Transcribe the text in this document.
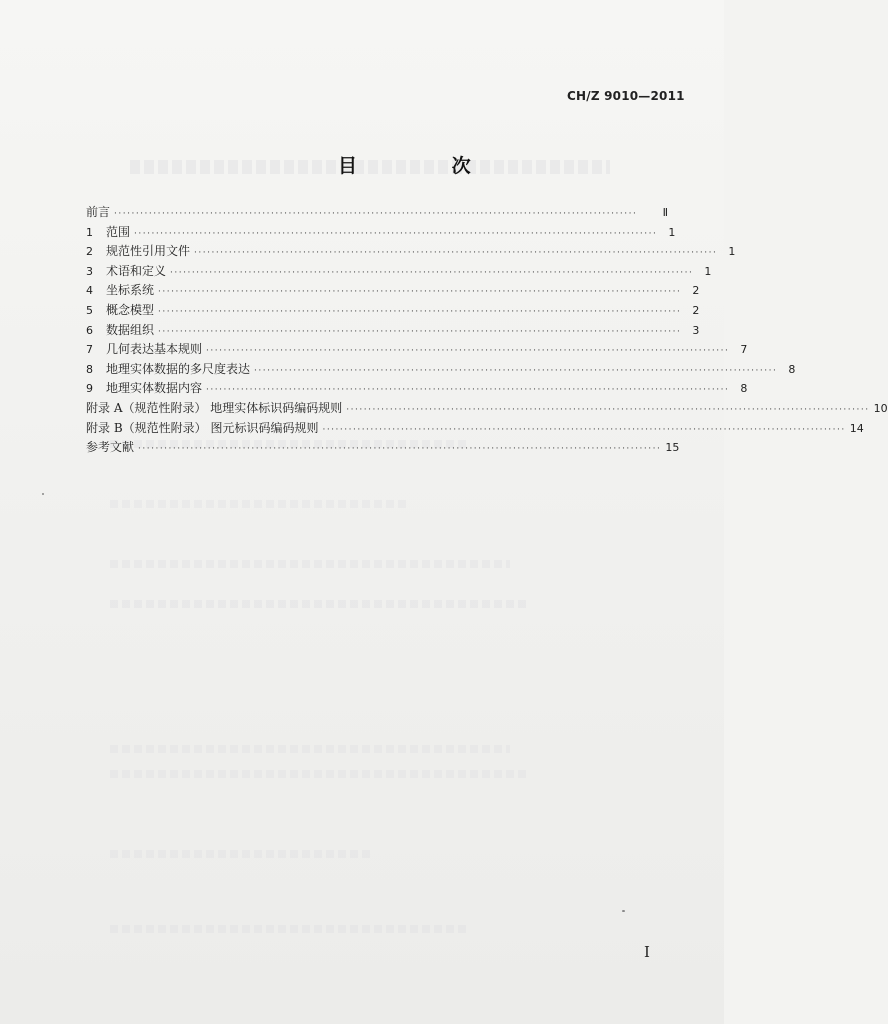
CH/Z 9010—2011
目 次
前言 ························································································································	Ⅱ
1	范围 ························································································································	1
2	规范性引用文件 ························································································································	1
3	术语和定义 ························································································································	1
4	坐标系统 ························································································································	2
5	概念模型 ························································································································	2
6	数据组织 ························································································································	3
7	几何表达基本规则 ························································································································	7
8	地理实体数据的多尺度表达 ························································································································	8
9	地理实体数据内容 ························································································································	8
附录 A（规范性附录） 地理实体标识码编码规则 ························································································································ 10
附录 B（规范性附录） 图元标识码编码规则 ························································································································ 14
参考文献 ························································································································ 15
I
